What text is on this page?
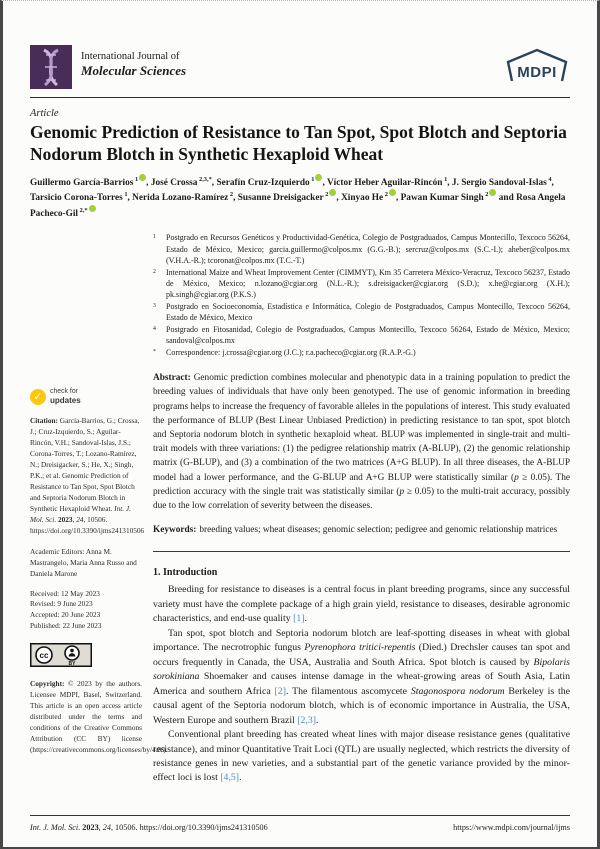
International Journal of
Molecular Sciences	MDPI
Article
Genomic Prediction of Resistance to Tan Spot, Spot Blotch and Septoria Nodorum Blotch in Synthetic Hexaploid Wheat
Guillermo García-Barrios $^1$ , José Crossa $^{2,3,*}$, Serafín Cruz-Izquierdo $^1$ , Víctor Heber Aguilar-Rincón $^1$, J. Sergio Sandoval-Islas $^4$, Tarsicio Corona-Torres $^1$, Nerida Lozano-Ramírez $^2$, Susanne Dreisigacker $^2$ , Xinyao He $^2$ , Pawan Kumar Singh $^2$ and Rosa Angela Pacheco-Gil $^{2,*}$
✓	check for
updates
Citation: García-Barrios, G.; Crossa, J.; Cruz-Izquierdo, S.; Aguilar-Rincón, V.H.; Sandoval-Islas, J.S.; Corona-Torres, T.; Lozano-Ramírez, N.; Dreisigacker, S.; He, X.; Singh, P.K.; et al. Genomic Prediction of Resistance to Tan Spot, Spot Blotch and Septoria Nodorum Blotch in Synthetic Hexaploid Wheat. Int. J. Mol. Sci. 2023, 24, 10506. https://doi.org/10.3390/ijms241310506
Academic Editors: Anna M. Mastrangelo, Maria Anna Russo and Daniela Marone
Received: 12 May 2023
Revised: 9 June 2023
Accepted: 20 June 2023
Published: 22 June 2023
cc
BY
Copyright: © 2023 by the authors. Licensee MDPI, Basel, Switzerland. This article is an open access article distributed under the terms and conditions of the Creative Commons Attribution (CC BY) license (https://creativecommons.org/licenses/by/4.0/).
1	Postgrado en Recursos Genéticos y Productividad-Genética, Colegio de Postgraduados, Campus Montecillo, Texcoco 56264, Estado de México, Mexico; garcia.guillermo@colpos.mx (G.G.-B.); sercruz@colpos.mx (S.C.-I.); aheber@colpos.mx (V.H.A.-R.); tcoronat@colpos.mx (T.C.-T.)
2	International Maize and Wheat Improvement Center (CIMMYT), Km 35 Carretera México-Veracruz, Texcoco 56237, Estado de México, Mexico; n.lozano@cgiar.org (N.L.-R.); s.dreisigacker@cgiar.org (S.D.); x.he@cgiar.org (X.H.); pk.singh@cgiar.org (P.K.S.)
3	Postgrado en Socioeconomía, Estadística e Informática, Colegio de Postgraduados, Campus Montecillo, Texcoco 56264, Estado de México, Mexico
4	Postgrado en Fitosanidad, Colegio de Postgraduados, Campus Montecillo, Texcoco 56264, Estado de México, Mexico; sandoval@colpos.mx
*	Correspondence: j.crossa@cgiar.org (J.C.); r.a.pacheco@cgiar.org (R.A.P.-G.)
Abstract: Genomic prediction combines molecular and phenotypic data in a training population to predict the breeding values of individuals that have only been genotyped. The use of genomic information in breeding programs helps to increase the frequency of favorable alleles in the populations of interest. This study evaluated the performance of BLUP (Best Linear Unbiased Prediction) in predicting resistance to tan spot, spot blotch and Septoria nodorum blotch in synthetic hexaploid wheat. BLUP was implemented in single-trait and multi-trait models with three variations: (1) the pedigree relationship matrix (A-BLUP), (2) the genomic relationship matrix (G-BLUP), and (3) a combination of the two matrices (A+G BLUP). In all three diseases, the A-BLUP model had a lower performance, and the G-BLUP and A+G BLUP were statistically similar (p ≥ 0.05). The prediction accuracy with the single trait was statistically similar (p ≥ 0.05) to the multi-trait accuracy, possibly due to the low correlation of severity between the diseases.
Keywords: breeding values; wheat diseases; genomic selection; pedigree and genomic relationship matrices
1. Introduction

Breeding for resistance to diseases is a central focus in plant breeding programs, since any successful variety must have the complete package of a high grain yield, resistance to diseases, desirable agronomic characteristics, and end-use quality [1].

Tan spot, spot blotch and Septoria nodorum blotch are leaf-spotting diseases in wheat with global importance. The necrotrophic fungus Pyrenophora tritici-repentis (Died.) Drechsler causes tan spot and occurs frequently in Canada, the USA, Australia and South Africa. Spot blotch is caused by Bipolaris sorokiniana Shoemaker and causes intense damage in the wheat-growing areas of South Asia, Latin America and southern Africa [2]. The filamentous ascomycete Stagonospora nodorum Berkeley is the causal agent of the Septoria nodorum blotch, which is of economic importance in Australia, the USA, Western Europe and southern Brazil [2,3].

Conventional plant breeding has created wheat lines with major disease resistance genes (qualitative resistance), and minor Quantitative Trait Loci (QTL) are usually neglected, which restricts the diversity of resistance genes in new varieties, and a substantial part of the genetic variance provided by the minor-effect loci is lost [4,5].

Int. J. Mol. Sci. 2023, 24, 10506. https://doi.org/10.3390/ijms241310506	https://www.mdpi.com/journal/ijms
